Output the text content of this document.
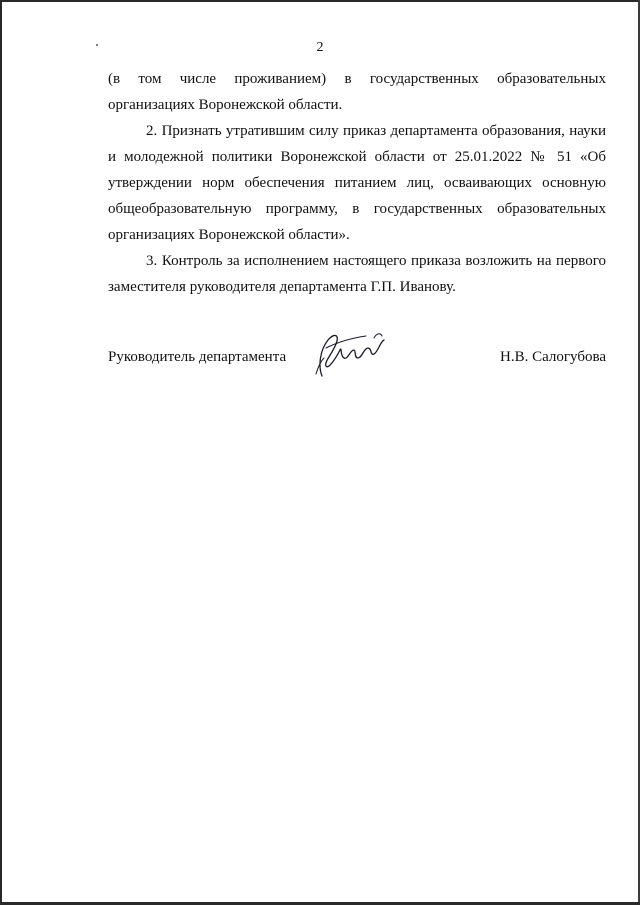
2
(в том числе проживанием) в государственных образовательных
организациях Воронежской области.
2. Признать утратившим силу приказ департамента образования, науки
и молодежной политики Воронежской области от 25.01.2022 № 51 «Об
утверждении норм обеспечения питанием лиц, осваивающих основную
общеобразовательную программу, в государственных образовательных
организациях Воронежской области».
3. Контроль за исполнением настоящего приказа возложить на первого
заместителя руководителя департамента Г.П. Иванову.
Руководитель департамента	Н.В. Салогубова
